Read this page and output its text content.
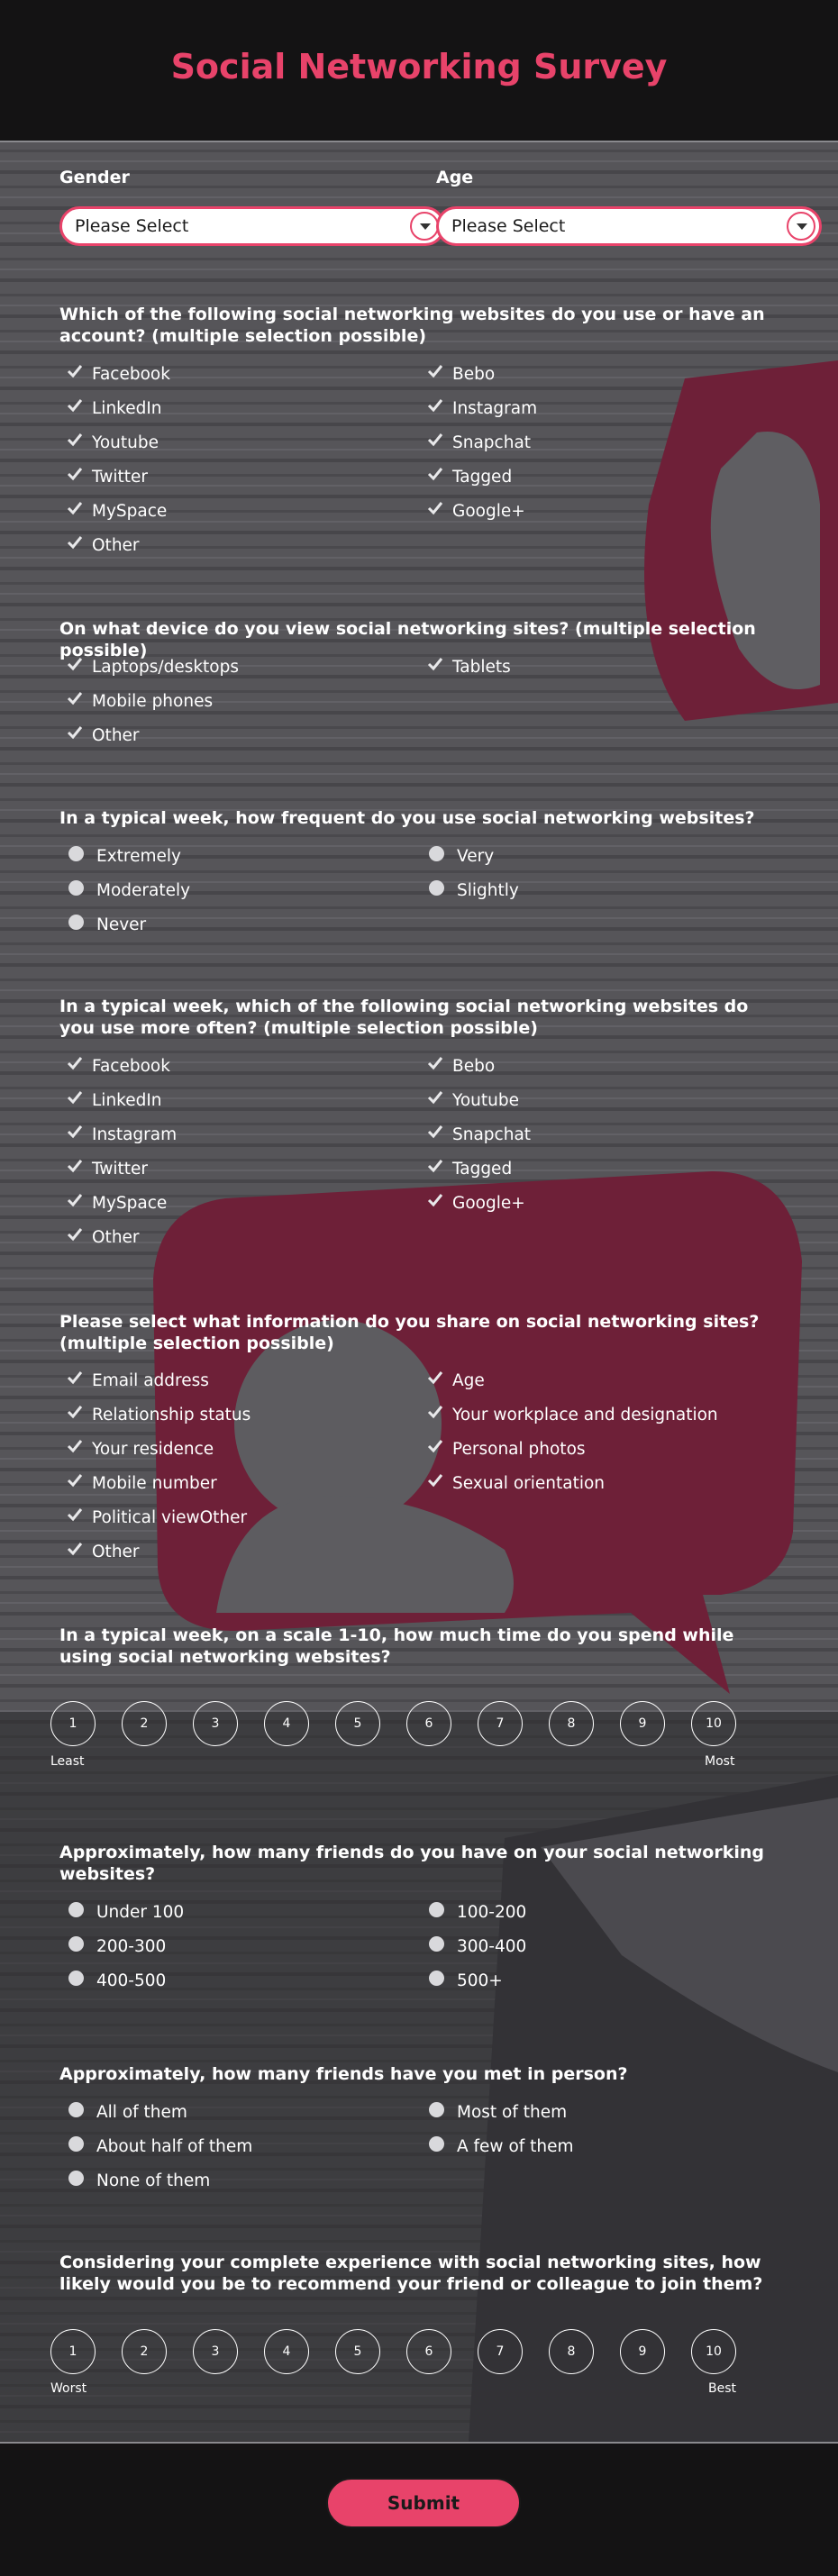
Social Networking Survey
Gender
Please Select
Age
Please Select
Which of the following social networking websites do you use or have an account? (multiple selection possible)
Facebook
LinkedIn
Youtube
Twitter
MySpace
Other
Bebo
Instagram
Snapchat
Tagged
Google+
On what device do you view social networking sites? (multiple selection possible)
Laptops/desktops
Mobile phones
Other
Tablets
In a typical week, how frequent do you use social networking websites?
Extremely
Moderately
Never
Very
Slightly
In a typical week, which of the following social networking websites do you use more often? (multiple selection possible)
Facebook
LinkedIn
Instagram
Twitter
MySpace
Other
Bebo
Youtube
Snapchat
Tagged
Google+
Please select what information do you share on social networking sites? (multiple selection possible)
Email address
Relationship status
Your residence
Mobile number
Political viewOther
Other
Age
Your workplace and designation
Personal photos
Sexual orientation
In a typical week, on a scale 1-10, how much time do you spend while using social networking websites?
1	2	3	4	5	6	7	8	9	10
Least	Most
Approximately, how many friends do you have on your social networking websites?
Under 100
200-300
400-500
100-200
300-400
500+
Approximately, how many friends have you met in person?
All of them
About half of them
None of them
Most of them
A few of them
Considering your complete experience with social networking sites, how likely would you be to recommend your friend or colleague to join them?
1	2	3	4	5	6	7	8	9	10
Worst	Best
Submit
